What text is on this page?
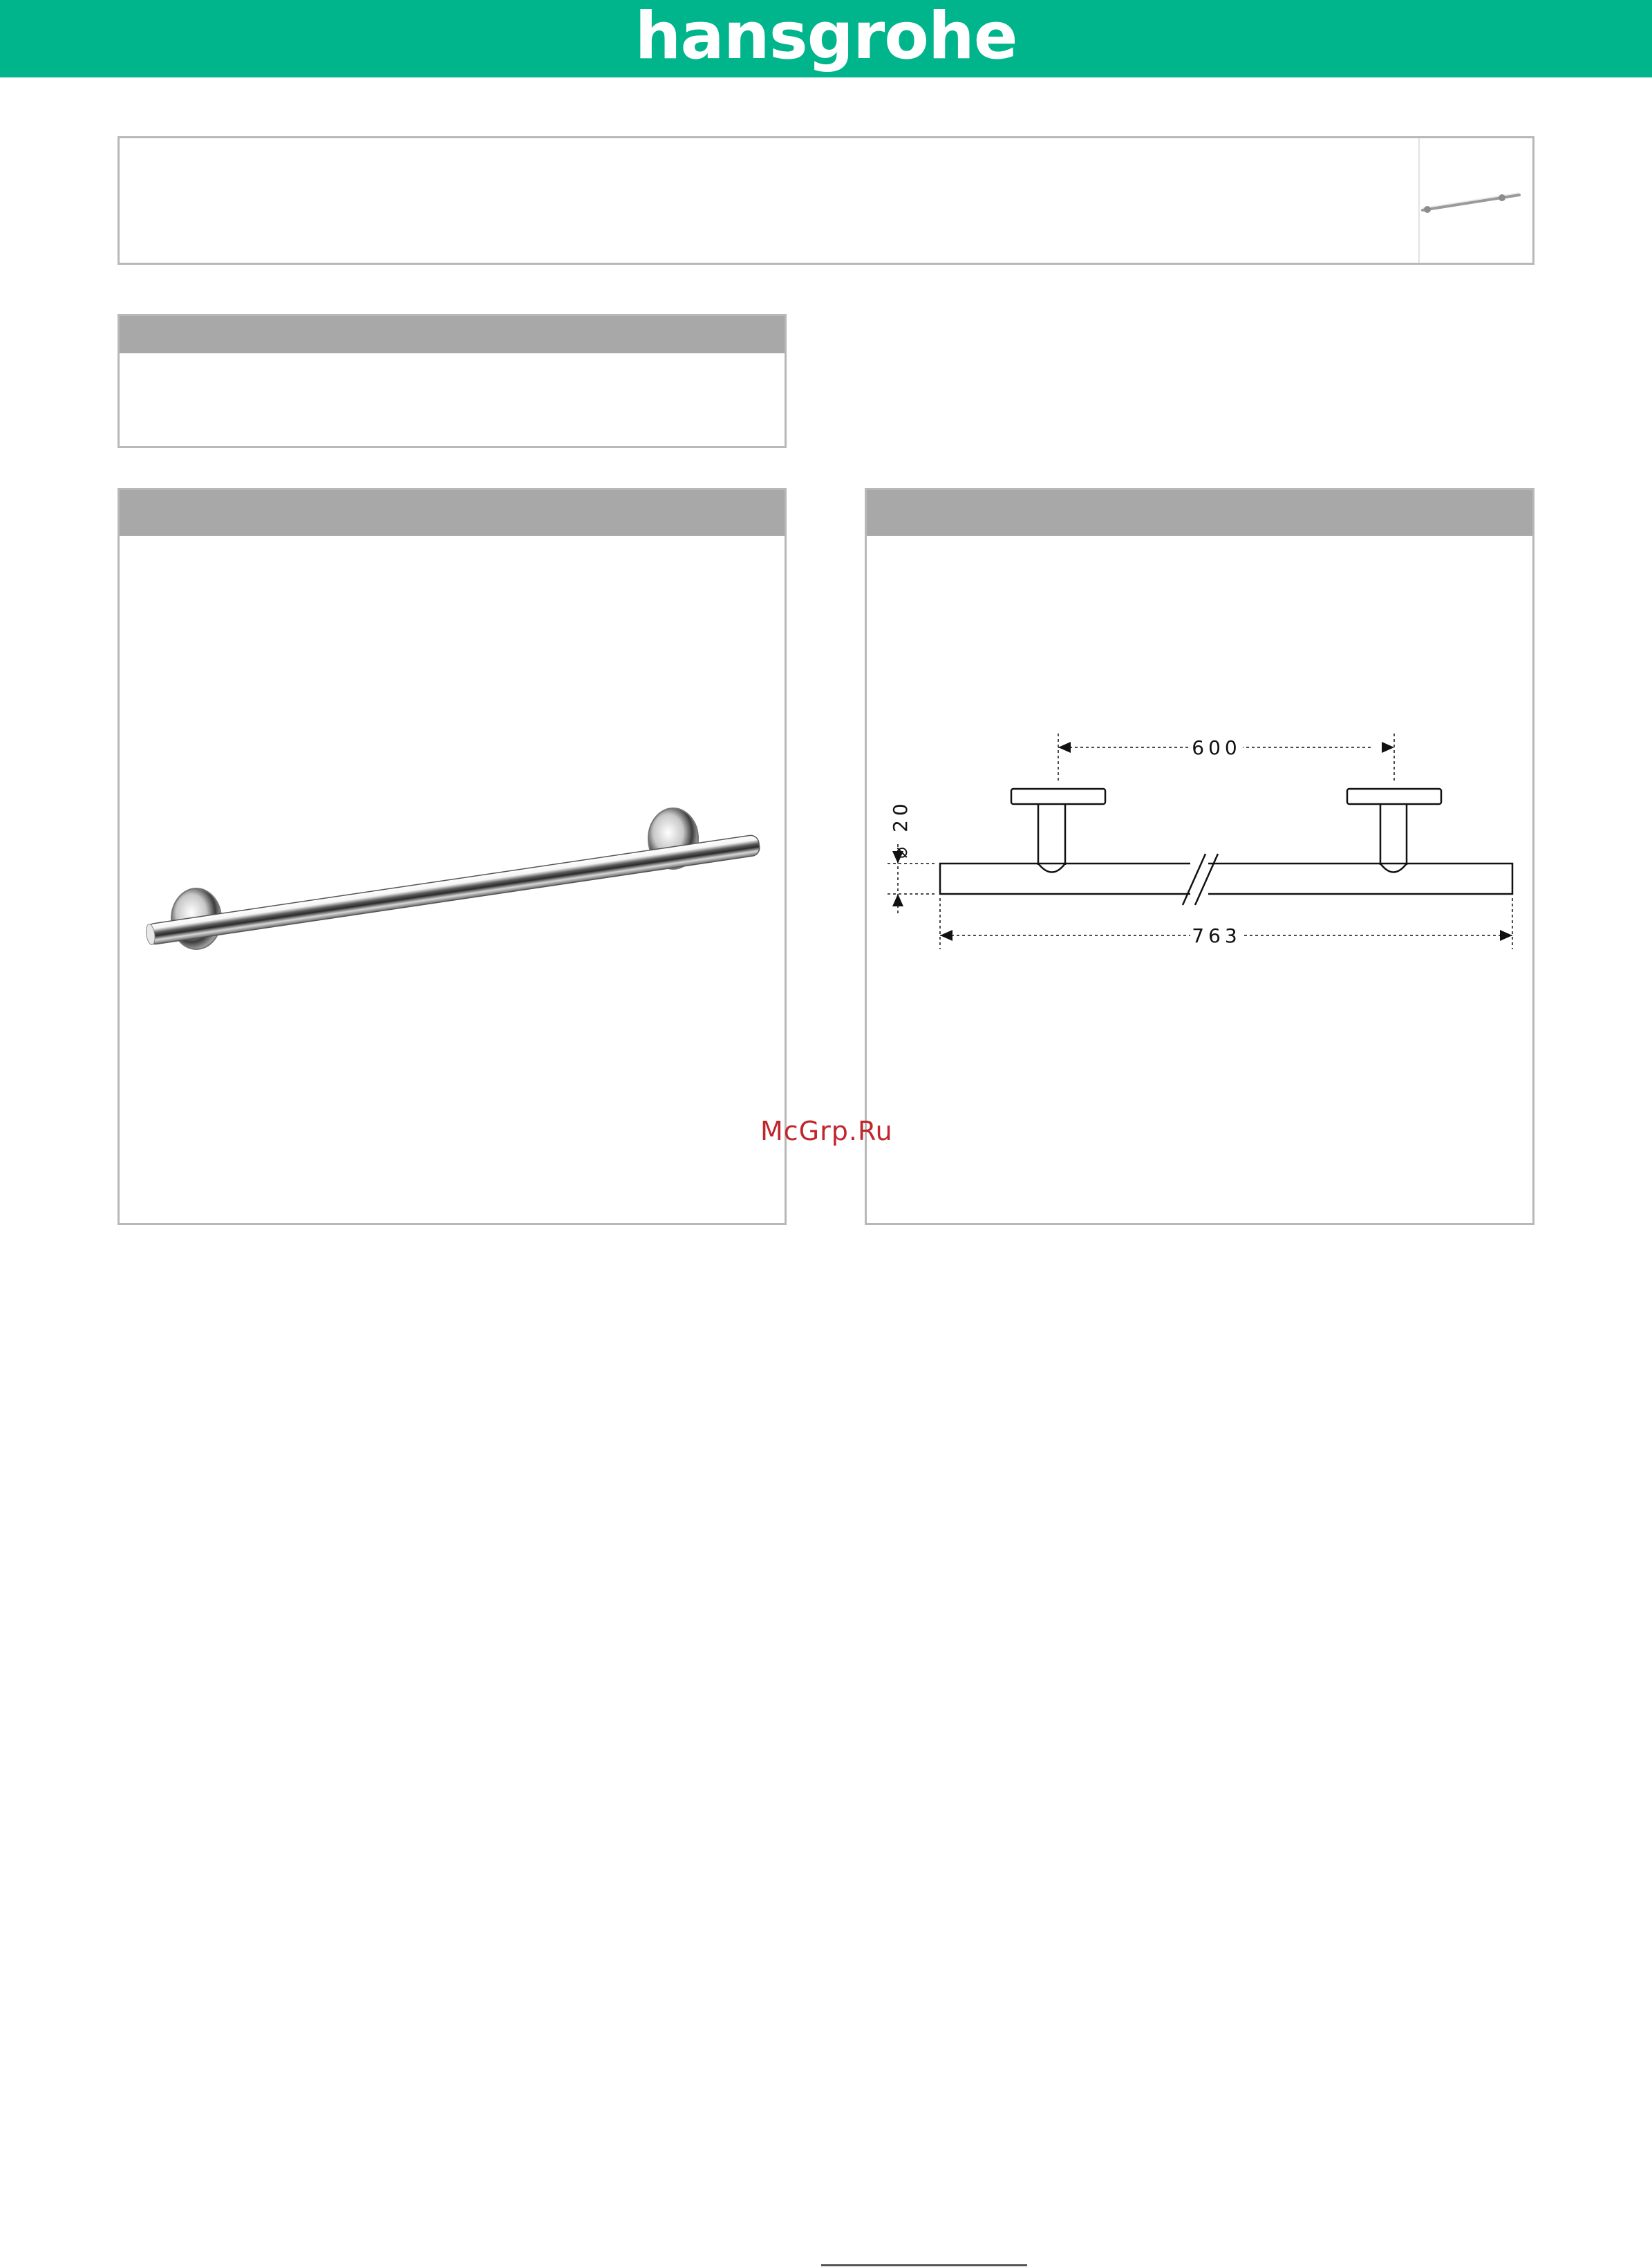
hansgrohe
600
763
⌀ 20
McGrp.Ru
